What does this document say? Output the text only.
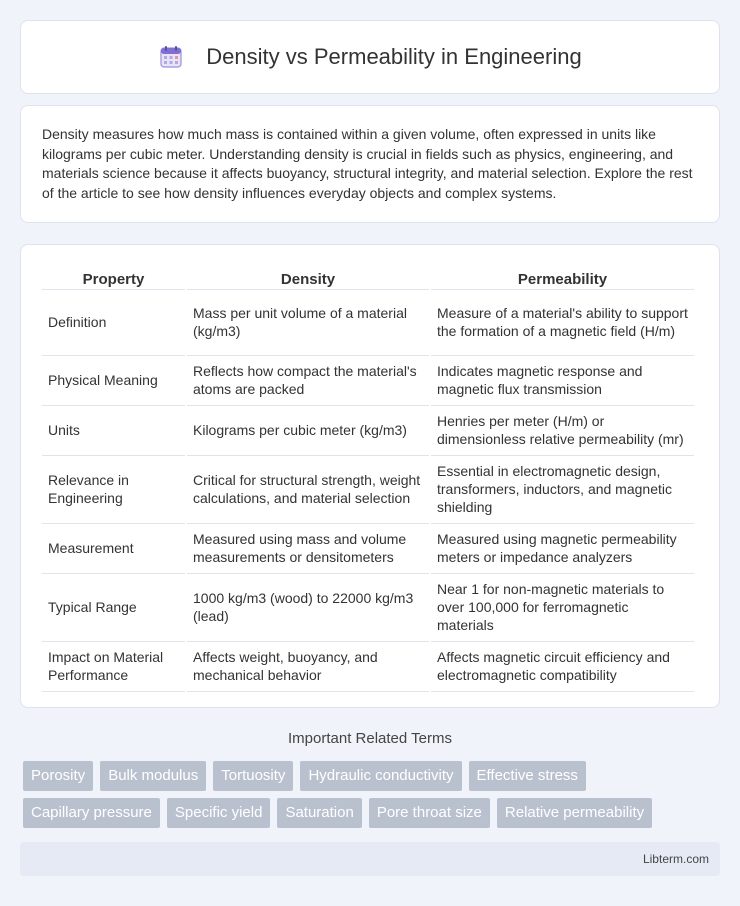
Density vs Permeability in Engineering

Density measures how much mass is contained within a given volume, often expressed in units like kilograms per cubic meter. Understanding density is crucial in fields such as physics, engineering, and materials science because it affects buoyancy, structural integrity, and material selection. Explore the rest of the article to see how density influences everyday objects and complex systems.

Property	Density	Permeability
Definition	Mass per unit volume of a material (kg/m3)	Measure of a material's ability to support the formation of a magnetic field (H/m)
Physical Meaning	Reflects how compact the material's atoms are packed	Indicates magnetic response and magnetic flux transmission
Units	Kilograms per cubic meter (kg/m3)	Henries per meter (H/m) or dimensionless relative permeability (mr)
Relevance in Engineering	Critical for structural strength, weight calculations, and material selection	Essential in electromagnetic design, transformers, inductors, and magnetic shielding
Measurement	Measured using mass and volume measurements or densitometers	Measured using magnetic permeability meters or impedance analyzers
Typical Range	1000 kg/m3 (wood) to 22000 kg/m3 (lead)	Near 1 for non-magnetic materials to over 100,000 for ferromagnetic materials
Impact on Material Performance	Affects weight, buoyancy, and mechanical behavior	Affects magnetic circuit efficiency and electromagnetic compatibility
Important Related Terms
Porosity	Bulk modulus	Tortuosity	Hydraulic conductivity	Effective stress
Capillary pressure	Specific yield	Saturation	Pore throat size	Relative permeability
Libterm.com
